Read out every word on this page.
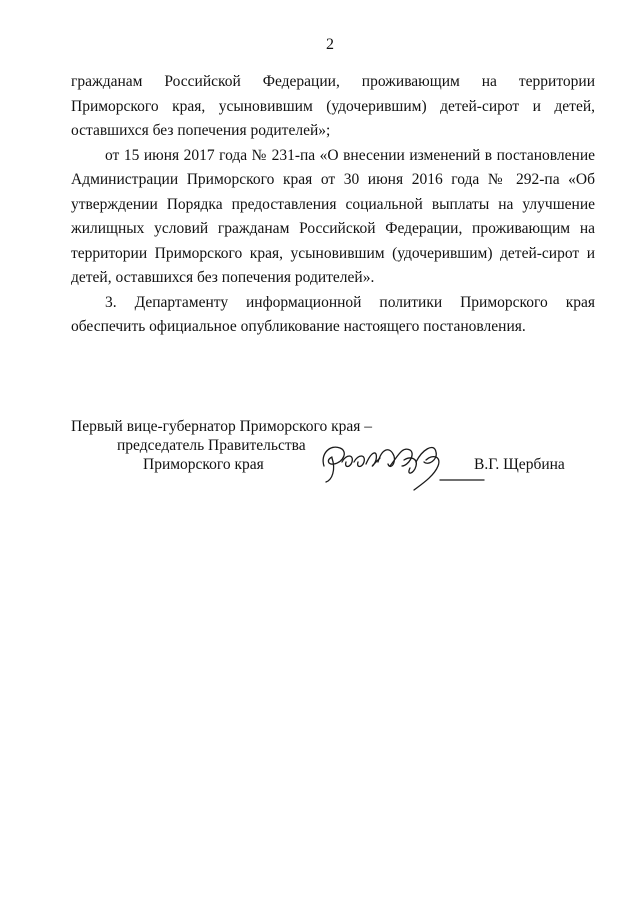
2

гражданам Российской Федерации, проживающим на территории Приморского края, усыновившим (удочерившим) детей-сирот и детей, оставшихся без попечения родителей»;

от 15 июня 2017 года № 231-па «О внесении изменений в постановление Администрации Приморского края от 30 июня 2016 года № 292-па «Об утверждении Порядка предоставления социальной выплаты на улучшение жилищных условий гражданам Российской Федерации, проживающим на территории Приморского края, усыновившим (удочерившим) детей-сирот и детей, оставшихся без попечения родителей».

3. Департаменту информационной политики Приморского края обеспечить официальное опубликование настоящего постановления.

Первый вице-губернатор Приморского края –
председатель Правительства
Приморского края	В.Г. Щербина
